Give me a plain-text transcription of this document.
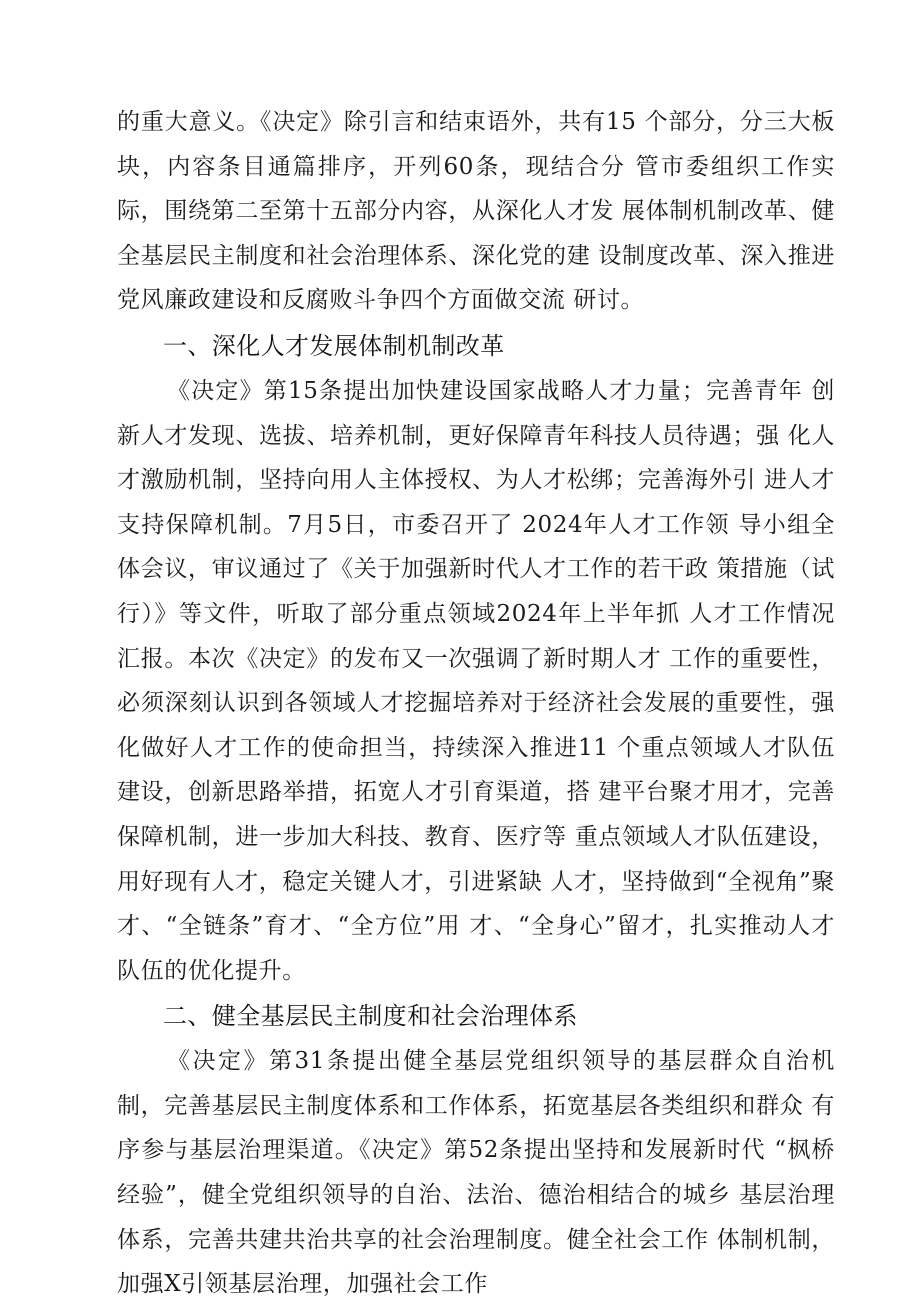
的重大意义。《决定》除引言和结束语外，共有15 个部分，分三大板块，内容条目通篇排序，开列60条，现结合分 管市委组织工作实际，围绕第二至第十五部分内容，从深化人才发 展体制机制改革、健全基层民主制度和社会治理体系、深化党的建 设制度改革、深入推进党风廉政建设和反腐败斗争四个方面做交流 研讨。

一、深化人才发展体制机制改革

《决定》第15条提出加快建设国家战略人才力量；完善青年 创新人才发现、选拔、培养机制，更好保障青年科技人员待遇；强 化人才激励机制，坚持向用人主体授权、为人才松绑；完善海外引 进人才支持保障机制。7月5日，市委召开了 2024年人才工作领 导小组全体会议，审议通过了《关于加强新时代人才工作的若干政 策措施（试行）》等文件，听取了部分重点领域2024年上半年抓 人才工作情况汇报。本次《决定》的发布又一次强调了新时期人才 工作的重要性，必须深刻认识到各领域人才挖掘培养对于经济社会发展的重要性，强化做好人才工作的使命担当，持续深入推进11 个重点领域人才队伍建设，创新思路举措，拓宽人才引育渠道，搭 建平台聚才用才，完善保障机制，进一步加大科技、教育、医疗等 重点领域人才队伍建设，用好现有人才，稳定关键人才，引进紧缺 人才，坚持做到“全视角”聚才、“全链条”育才、“全方位”用 才、“全身心”留才，扎实推动人才队伍的优化提升。

二、健全基层民主制度和社会治理体系

《决定》第31条提出健全基层党组织领导的基层群众自治机 制，完善基层民主制度体系和工作体系，拓宽基层各类组织和群众 有序参与基层治理渠道。《决定》第52条提出坚持和发展新时代 “枫桥经验”，健全党组织领导的自治、法治、德治相结合的城乡 基层治理体系，完善共建共治共享的社会治理制度。健全社会工作 体制机制，加强X引领基层治理，加强社会工作
